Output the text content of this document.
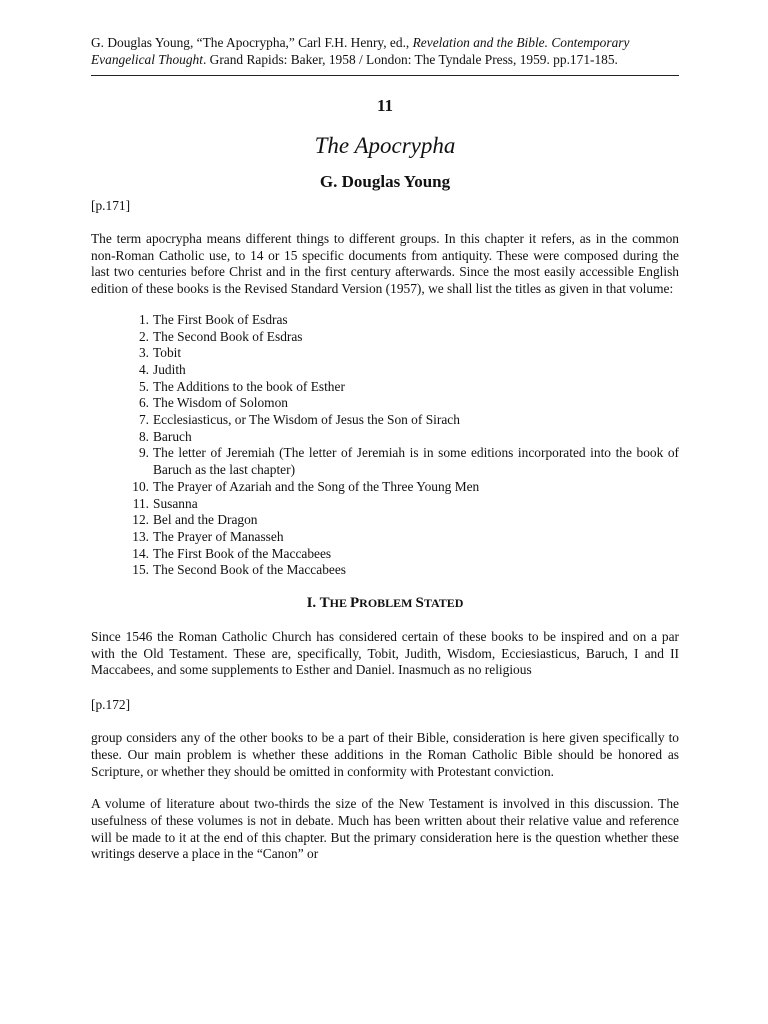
G. Douglas Young, “The Apocrypha,” Carl F.H. Henry, ed., Revelation and the Bible. Contemporary Evangelical Thought. Grand Rapids: Baker, 1958 / London: The Tyndale Press, 1959. pp.171-185.

11
The Apocrypha
G. Douglas Young
[p.171]

The term apocrypha means different things to different groups. In this chapter it refers, as in the common non-Roman Catholic use, to 14 or 15 specific documents from antiquity. These were composed during the last two centuries before Christ and in the first century afterwards. Since the most easily accessible English edition of these books is the Revised Standard Version (1957), we shall list the titles as given in that volume:

1. The First Book of Esdras
2. The Second Book of Esdras
3. Tobit
4. Judith
5. The Additions to the book of Esther
6. The Wisdom of Solomon
7. Ecclesiasticus, or The Wisdom of Jesus the Son of Sirach
8. Baruch
9. The letter of Jeremiah (The letter of Jeremiah is in some editions incorporated into the book of Baruch as the last chapter)
10. The Prayer of Azariah and the Song of the Three Young Men
11. Susanna
12. Bel and the Dragon
13. The Prayer of Manasseh
14. The First Book of the Maccabees
15. The Second Book of the Maccabees
I. THE PROBLEM STATED

Since 1546 the Roman Catholic Church has considered certain of these books to be inspired and on a par with the Old Testament. These are, specifically, Tobit, Judith, Wisdom, Ecciesiasticus, Baruch, I and II Maccabees, and some supplements to Esther and Daniel. Inasmuch as no religious

[p.172]

group considers any of the other books to be a part of their Bible, consideration is here given specifically to these. Our main problem is whether these additions in the Roman Catholic Bible should be honored as Scripture, or whether they should be omitted in conformity with Protestant conviction.

A volume of literature about two-thirds the size of the New Testament is involved in this discussion. The usefulness of these volumes is not in debate. Much has been written about their relative value and reference will be made to it at the end of this chapter. But the primary consideration here is the question whether these writings deserve a place in the “Canon” or
